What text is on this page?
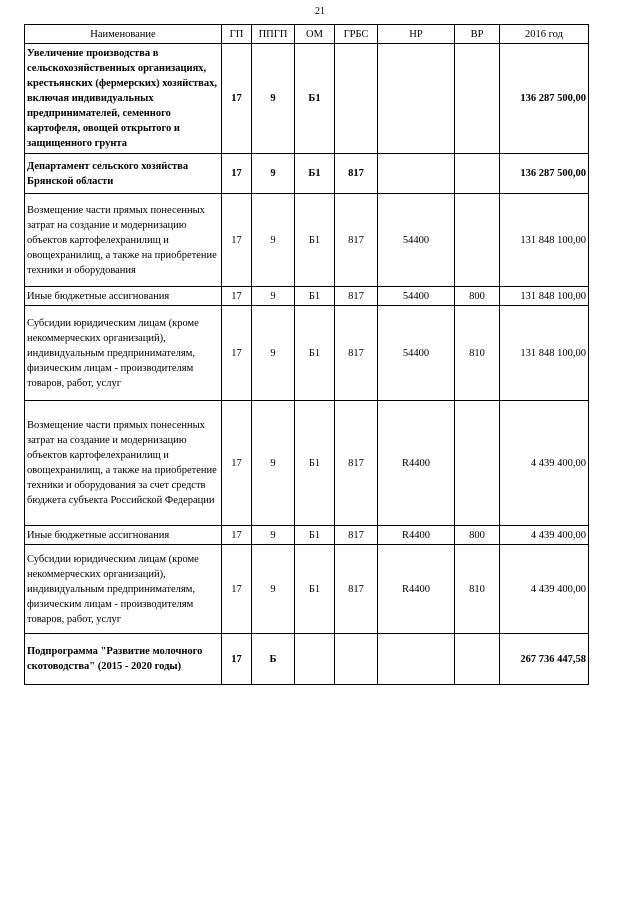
21
Наименование	ГП	ППГП	ОМ	ГРБС	НР	ВР	2016 год
Увеличение производства в сельскохозяйственных организациях, крестьянских (фермерских) хозяйствах, включая индивидуальных предпринимателей, семенного картофеля, овощей открытого и защищенного грунта	17	9	Б1				136 287 500,00
Департамент сельского хозяйства Брянской области	17	9	Б1	817			136 287 500,00
Возмещение части прямых понесенных затрат на создание и модернизацию объектов картофелехранилищ и овощехранилищ, а также на приобретение техники и оборудования	17	9	Б1	817	54400		131 848 100,00
Иные бюджетные ассигнования	17	9	Б1	817	54400	800	131 848 100,00
Субсидии юридическим лицам (кроме некоммерческих организаций), индивидуальным предпринимателям, физическим лицам - производителям товаров, работ, услуг	17	9	Б1	817	54400	810	131 848 100,00
Возмещение части прямых понесенных затрат на создание и модернизацию объектов картофелехранилищ и овощехранилищ, а также на приобретение техники и оборудования за счет средств бюджета субъекта Российской Федерации	17	9	Б1	817	R4400		4 439 400,00
Иные бюджетные ассигнования	17	9	Б1	817	R4400	800	4 439 400,00
Субсидии юридическим лицам (кроме некоммерческих организаций), индивидуальным предпринимателям, физическим лицам - производителям товаров, работ, услуг	17	9	Б1	817	R4400	810	4 439 400,00
Подпрограмма "Развитие молочного скотоводства" (2015 - 2020 годы)	17	Б					267 736 447,58
